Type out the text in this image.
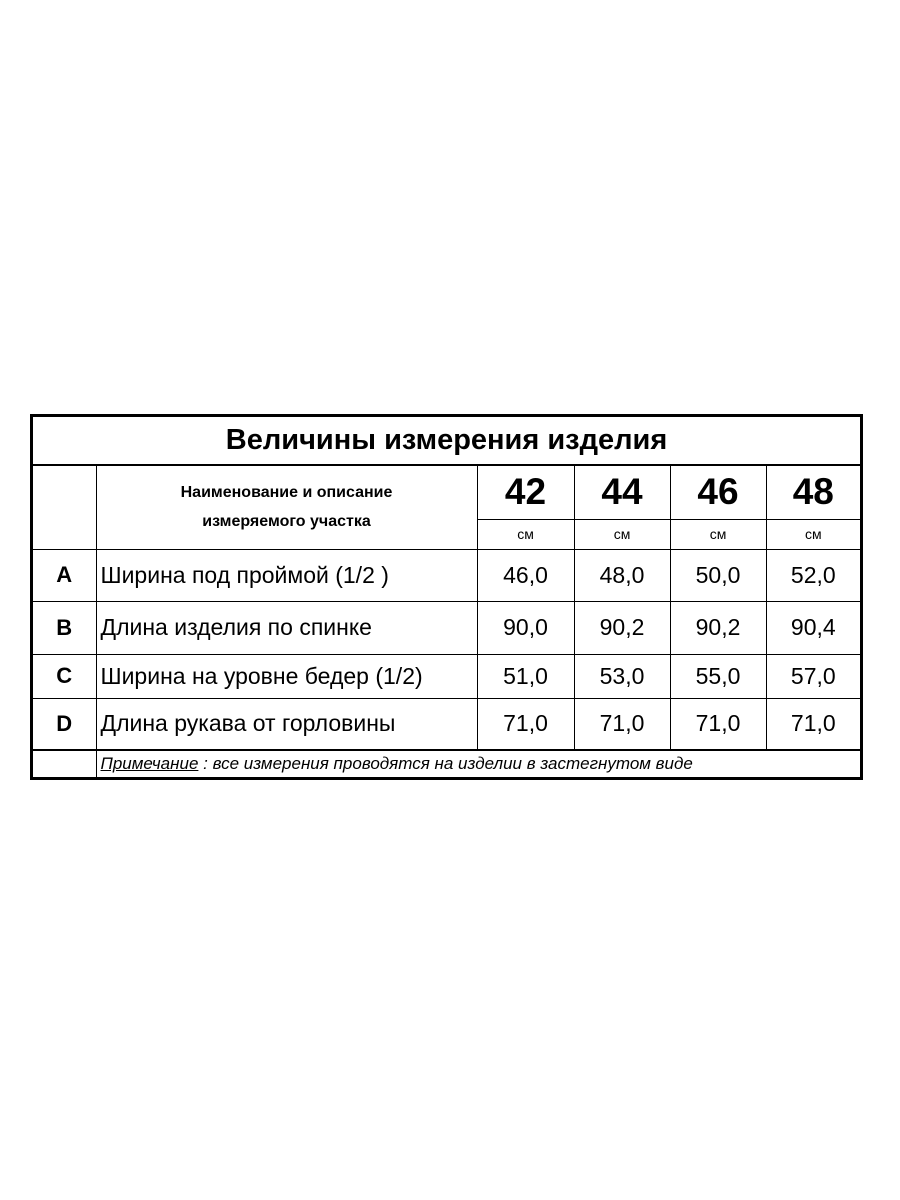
Величины измерения изделия					

	Наименование и описание
измеряемого участка	42	44	46	48
		см	см	см	см
A	Ширина под проймой (1/2 )	46,0	48,0	50,0	52,0
B	Длина изделия по спинке	90,0	90,2	90,2	90,4
C	Ширина на уровне бедер (1/2)	51,0	53,0	55,0	57,0
D	Длина рукава от горловины	71,0	71,0	71,0	71,0
	Примечание : все измерения проводятся на изделии в застегнутом виде				
